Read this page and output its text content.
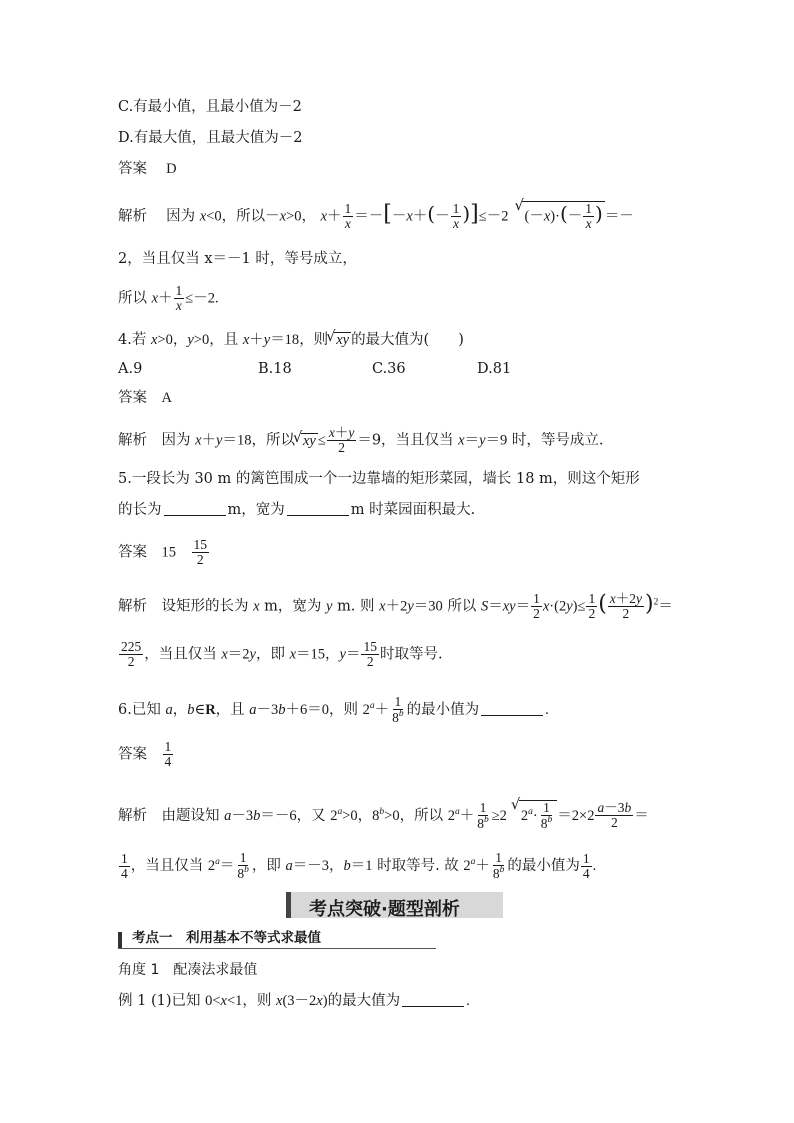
C.有最小值，且最小值为－2
D.有最大值，且最大值为－2
答案　 D
解析　 因为 x<0，所以－x>0， $x+ \frac{1}{x} =-[-x+(- \frac{1}{x} )]\le-2√$ $(-x)\cdot(- \frac{1}{x}$ ) ＝－
2，当且仅当 x＝－1 时，等号成立，
所以 $x+ \frac{1}{x} \le-2$.
4.若 x>0，y>0，且 x＋y＝18，则√ xy 的最大值为(　　)
A.9	B.18	C.36	D.81
答案　 A
解析　 因为 x＋y＝18，所以√ xy ≤ $\frac{x+y}{2} =9$，当且仅当 x＝y＝9 时，等号成立.
5.一段长为 30 m 的篱笆围成一个一边靠墙的矩形菜园，墙长 18 m，则这个矩形
的长为	m，宽为	m 时菜园面积最大.
答案　 15　 $\frac{15}{2}$
解析　 设矩形的长为 x m，宽为 y m. 则 x＋2y＝30 所以 $S=xy= \frac{1}{2} x\cdot(2y)\le \frac{1}{2}$ ( $\frac{x+2y}{2} )^2=$
$\frac{225}{2}$ ，当且仅当 x＝2y，即 x＝15，$y= \frac{15}{2}$ 时取等号.
6.已知 a，b∈R，且 a－3b＋6＝0，则 $2^a+ \frac{1}{8^b}$ 的最小值为	.
答案　 $\frac{1}{4}$
解析　 由题设知 a－3b＝－6，又 $2^a>0$，$8^b>0$，所以 $2^a+ \frac{1}{8^b} \ge 2√$ $2^a\cdot \frac{1}{8^b} =2\times 2 \frac{a-3b}{2}$ ＝
$\frac{1}{4}$ ，当且仅当 $2^a= \frac{1}{8^b}$ ，即 a＝－3，b＝1 时取等号. 故 $2^a+ \frac{1}{8^b}$ 的最小值为 $\frac{1}{4}$ .
考点突破·题型剖析
考点一　 利用基本不等式求最值
角度 1　配凑法求最值
例 1 (1)已知 0<x<1，则 x(3－2x)的最大值为	.
